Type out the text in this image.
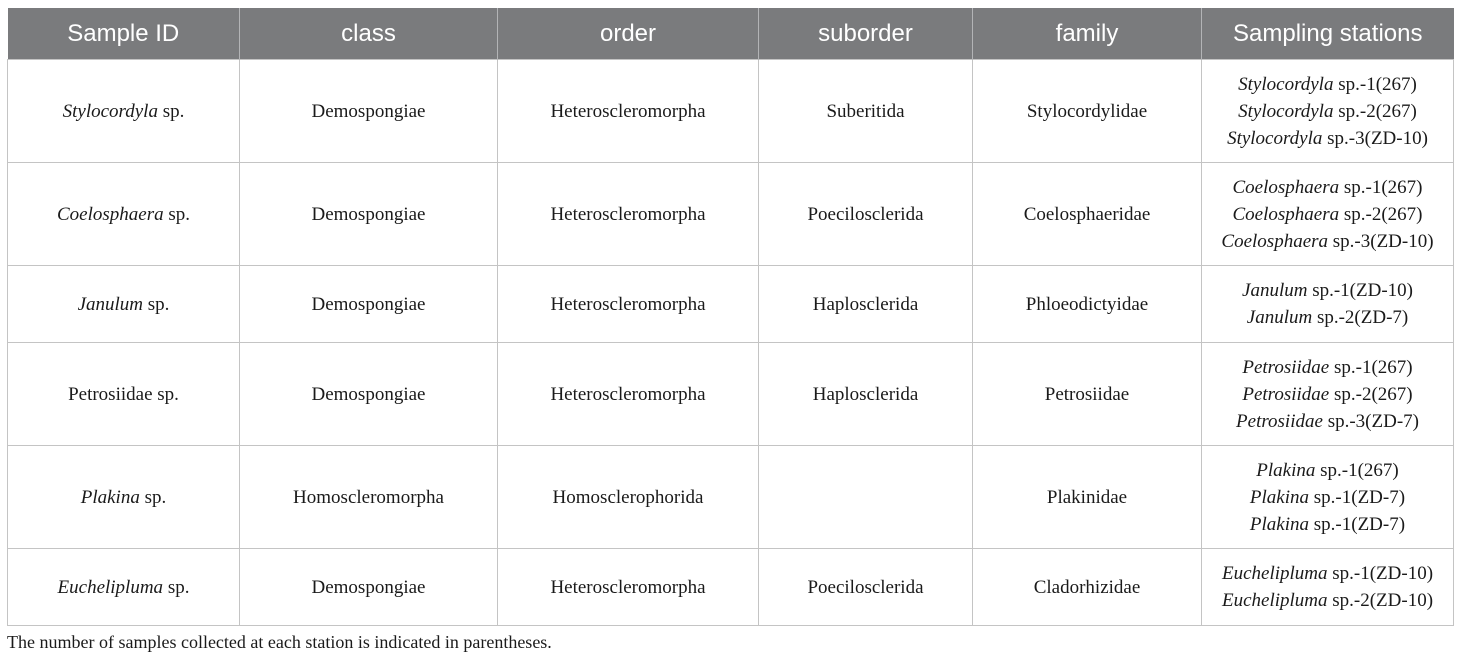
Sample ID	class	order	suborder	family	Sampling stations
Stylocordyla sp.	Demospongiae	Heteroscleromorpha	Suberitida	Stylocordylidae	Stylocordyla sp.-1(267)
Stylocordyla sp.-2(267)
Stylocordyla sp.-3(ZD-10)

Coelosphaera sp.	Demospongiae	Heteroscleromorpha	Poecilosclerida	Coelosphaeridae	Coelosphaera sp.-1(267)
Coelosphaera sp.-2(267)
Coelosphaera sp.-3(ZD-10)

Janulum sp.	Demospongiae	Heteroscleromorpha	Haplosclerida	Phloeodictyidae	Janulum sp.-1(ZD-10)
Janulum sp.-2(ZD-7)

Petrosiidae sp.	Demospongiae	Heteroscleromorpha	Haplosclerida	Petrosiidae	Petrosiidae sp.-1(267)
Petrosiidae sp.-2(267)
Petrosiidae sp.-3(ZD-7)

Plakina sp.	Homoscleromorpha	Homosclerophorida		Plakinidae	Plakina sp.-1(267)
Plakina sp.-1(ZD-7)
Plakina sp.-1(ZD-7)

Euchelipluma sp.	Demospongiae	Heteroscleromorpha	Poecilosclerida	Cladorhizidae	Euchelipluma sp.-1(ZD-10)
Euchelipluma sp.-2(ZD-10)
The number of samples collected at each station is indicated in parentheses.
